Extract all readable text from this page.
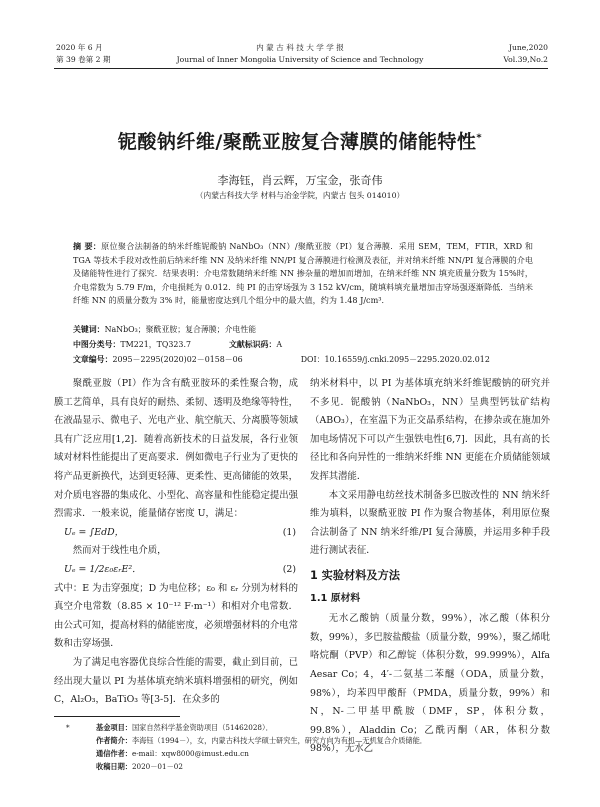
2020 年 6 月
第 39 卷第 2 期
内 蒙 古 科 技 大 学 学 报
Journal of Inner Mongolia University of Science and Technology
June,2020
Vol.39,No.2
铌酸钠纤维/聚酰亚胺复合薄膜的储能特性*
李海钰，肖云辉，万宝金，张奇伟
（内蒙古科技大学 材料与冶金学院，内蒙古 包头 014010）
摘 要：原位聚合法制备的纳米纤维铌酸钠 NaNbO₃（NN）/聚酰亚胺（PI）复合薄膜．采用 SEM，TEM，FTIR，XRD 和 TGA 等技术手段对改性前后纳米纤维 NN 及纳米纤维 NN/PI 复合薄膜进行检测及表征，并对纳米纤维 NN/PI 复合薄膜的介电及储能特性进行了探究．结果表明：介电常数随纳米纤维 NN 掺杂量的增加而增加，在纳米纤维 NN 填充质量分数为 15%时，介电常数为 5.79 F/m，介电损耗为 0.012．纯 PI 的击穿场强为 3 152 kV/cm，随填料填充量增加击穿场强逐渐降低．当纳米纤维 NN 的质量分数为 3% 时，能量密度达到几个组分中的最大值，约为 1.48 J/cm³．
关键词：NaNbO₃；聚酰亚胺；复合薄膜；介电性能
中图分类号：TM221，TQ323.7	文献标识码：A
文章编号：2095－2295(2020)02－0158－06	DOI：10.16559/j.cnki.2095－2295.2020.02.012

聚酰亚胺（PI）作为含有酰亚胺环的柔性聚合物，成膜工艺简单，具有良好的耐热、柔韧、透明及绝缘等特性，在液晶显示、微电子、光电产业、航空航天、分离膜等领域具有广泛应用[1,2]．随着高新技术的日益发展，各行业领域对材料性能提出了更高要求．例如微电子行业为了更快的将产品更新换代，达到更轻薄、更柔性、更高储能的效果，对介质电容器的集成化、小型化、高容量和性能稳定提出强烈需求．一般来说，能量储存密度 U，满足：

Uₑ = ∫EdD，	(1)

然而对于线性电介质，

Uₑ = 1/2ε₀εᵣE²．	(2)

式中：E 为击穿强度；D 为电位移；ε₀ 和 εᵣ 分别为材料的真空介电常数（8.85 × 10⁻¹² F·m⁻¹）和相对介电常数．由公式可知，提高材料的储能密度，必须增强材料的介电常数和击穿场强．

为了满足电容器优良综合性能的需要，截止到目前，已经出现大量以 PI 为基体填充纳米填料增强相的研究，例如 C，Al₂O₃，BaTiO₃ 等[3-5]．在众多的

纳米材料中，以 PI 为基体填充纳米纤维铌酸钠的研究并不多见．铌酸钠（NaNbO₃，NN）呈典型钙钛矿结构（ABO₃），在室温下为正交晶系结构，在掺杂或在施加外加电场情况下可以产生强铁电性[6,7]．因此，具有高的长径比和各向异性的一维纳米纤维 NN 更能在介质储能领域发挥其潜能．

本文采用静电纺丝技术制备多巴胺改性的 NN 纳米纤维为填料，以聚酰亚胺 PI 作为聚合物基体，利用原位聚合法制备了 NN 纳米纤维/PI 复合薄膜，并运用多种手段进行测试表征．

1 实验材料及方法
1.1 原材料

无水乙酸钠（质量分数，99%），冰乙酸（体积分数，99%），多巴胺盐酸盐（质量分数，99%），聚乙烯吡咯烷酮（PVP）和乙醇锭（体积分数，99.999%），Alfa Aesar Co；4，4′-二氨基二苯醚（ODA，质量分数，98%），均苯四甲酸酐（PMDA，质量分数，99%）和 N，N-二甲基甲酰胺（DMF，SP，体积分数，99.8%），Aladdin Co；乙酰丙酮（AR，体积分数 98%），无水乙

*	基金项目：国家自然科学基金资助项目（51462028）．
作者简介：李海钰（1994－），女，内蒙古科技大学硕士研究生，研究方向为有机—无机复合介质储能．
通信作者：e-mail：xqw8000@imust.edu.cn
收稿日期：2020－01－02
